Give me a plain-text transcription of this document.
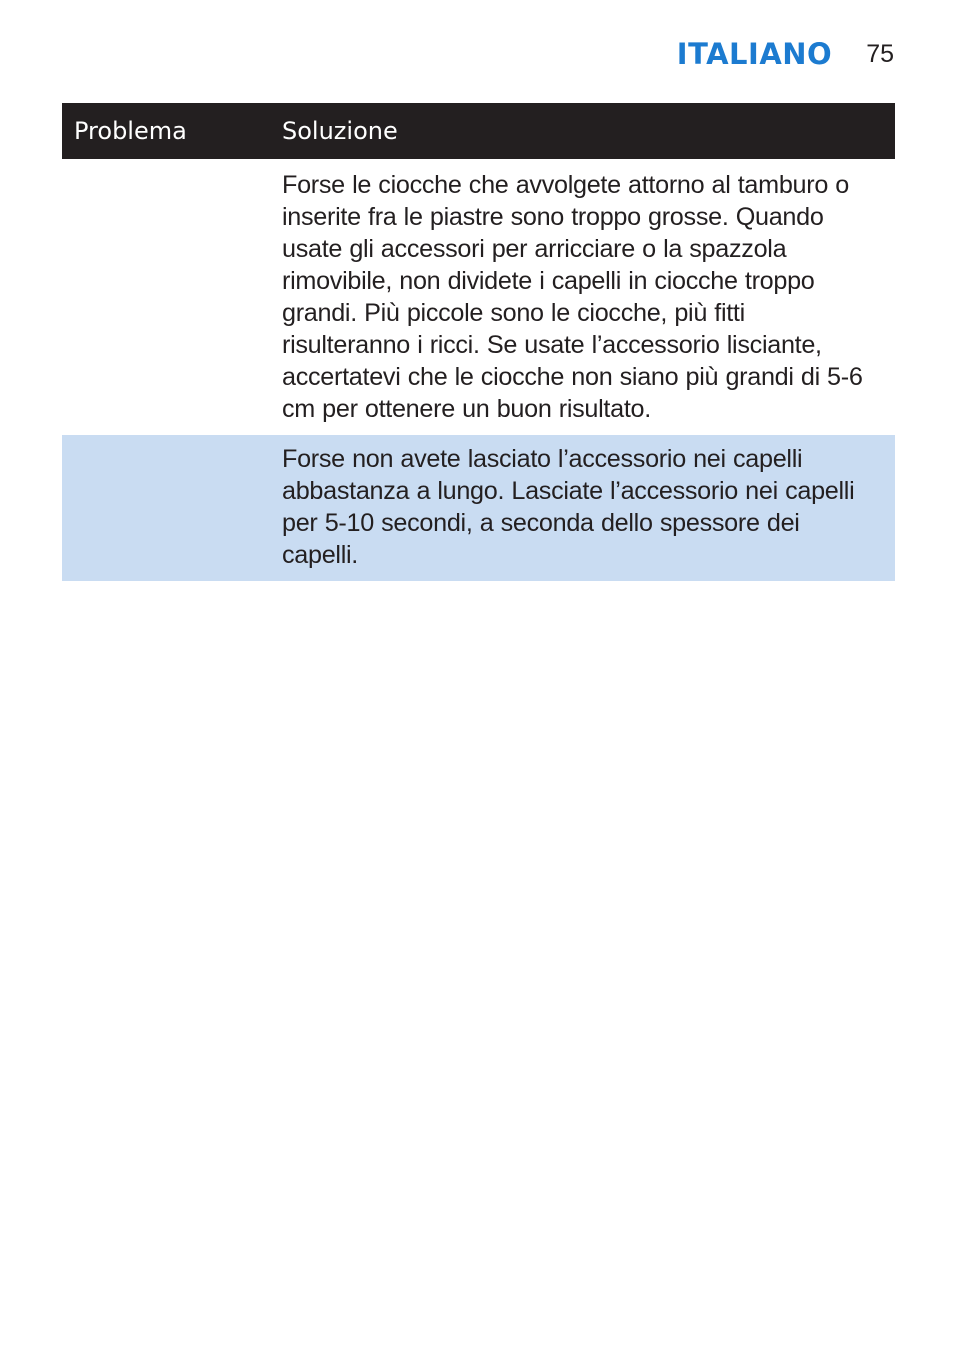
ITALIANO 75
Problema	Soluzione
Forse le ciocche che avvolgete attorno al tamburo o inserite fra le piastre sono troppo grosse. Quando usate gli accessori per arricciare o la spazzola rimovibile, non dividete i capelli in ciocche troppo grandi. Più piccole sono le ciocche, più fitti risulteranno i ricci. Se usate l’accessorio lisciante, accertatevi che le ciocche non siano più grandi di 5-6 cm per ottenere un buon risultato.
Forse non avete lasciato l’accessorio nei capelli abbastanza a lungo. Lasciate l’accessorio nei capelli per 5-10 secondi, a seconda dello spessore dei capelli.
